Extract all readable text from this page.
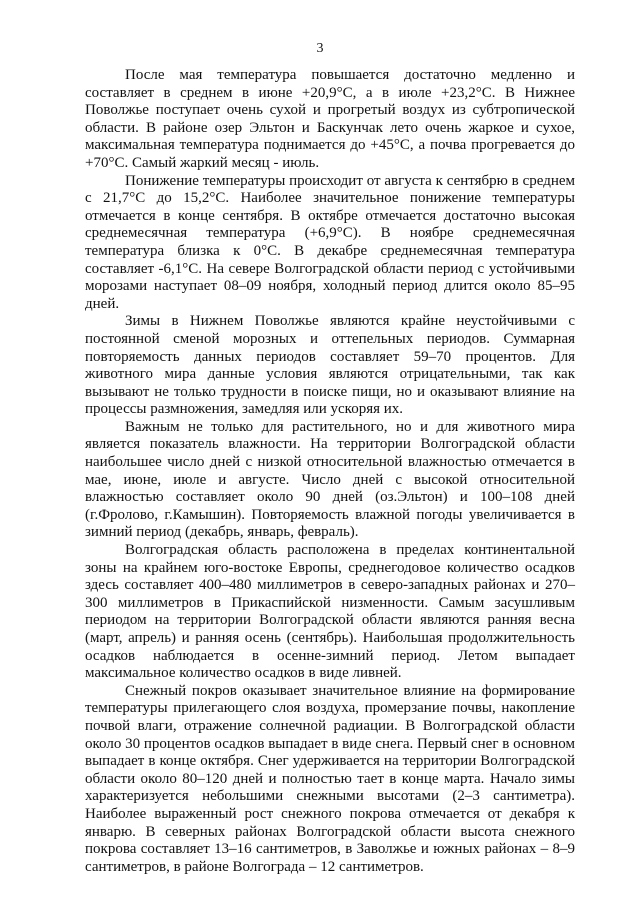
3

После мая температура повышается достаточно медленно и составляет в среднем в июне +20,9°С, а в июле +23,2°С. В Нижнее Поволжье поступает очень сухой и прогретый воздух из субтропической области. В районе озер Эльтон и Баскунчак лето очень жаркое и сухое, максимальная температура поднимается до +45°С, а почва прогревается до +70°С. Самый жаркий месяц - июль.

Понижение температуры происходит от августа к сентябрю в среднем с 21,7°С до 15,2°С. Наиболее значительное понижение температуры отмечается в конце сентября. В октябре отмечается достаточно высокая среднемесячная температура (+6,9°С). В ноябре среднемесячная температура близка к 0°С. В декабре среднемесячная температура составляет -6,1°С. На севере Волгоградской области период с устойчивыми морозами наступает 08–09 ноября, холодный период длится около 85–95 дней.

Зимы в Нижнем Поволжье являются крайне неустойчивыми с постоянной сменой морозных и оттепельных периодов. Суммарная повторяемость данных периодов составляет 59–70 процентов. Для животного мира данные условия являются отрицательными, так как вызывают не только трудности в поиске пищи, но и оказывают влияние на процессы размножения, замедляя или ускоряя их.

Важным не только для растительного, но и для животного мира является показатель влажности. На территории Волгоградской области наибольшее число дней с низкой относительной влажностью отмечается в мае, июне, июле и августе. Число дней с высокой относительной влажностью составляет около 90 дней (оз.Эльтон) и 100–108 дней (г.Фролово, г.Камышин). Повторяемость влажной погоды увеличивается в зимний период (декабрь, январь, февраль).

Волгоградская область расположена в пределах континентальной зоны на крайнем юго-востоке Европы, среднегодовое количество осадков здесь составляет 400–480 миллиметров в северо-западных районах и 270–300 миллиметров в Прикаспийской низменности. Самым засушливым периодом на территории Волгоградской области являются ранняя весна (март, апрель) и ранняя осень (сентябрь). Наибольшая продолжительность осадков наблюдается в осенне-зимний период. Летом выпадает максимальное количество осадков в виде ливней.

Снежный покров оказывает значительное влияние на формирование температуры прилегающего слоя воздуха, промерзание почвы, накопление почвой влаги, отражение солнечной радиации. В Волгоградской области около 30 процентов осадков выпадает в виде снега. Первый снег в основном выпадает в конце октября. Снег удерживается на территории Волгоградской области около 80–120 дней и полностью тает в конце марта. Начало зимы характеризуется небольшими снежными высотами (2–3 сантиметра). Наиболее выраженный рост снежного покрова отмечается от декабря к январю. В северных районах Волгоградской области высота снежного покрова составляет 13–16 сантиметров, в Заволжье и южных районах – 8–9 сантиметров, в районе Волгограда – 12 сантиметров.
